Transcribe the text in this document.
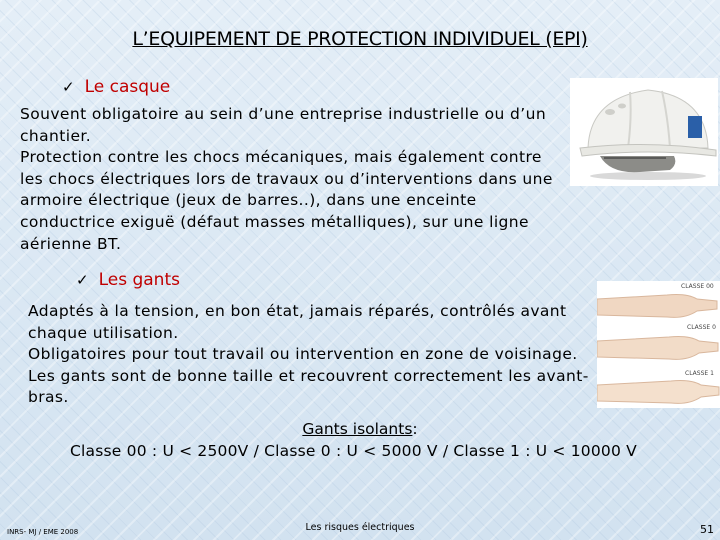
L’EQUIPEMENT DE PROTECTION INDIVIDUEL (EPI)
✓ Le casque
Souvent obligatoire au sein d’une entreprise industrielle ou d’un
chantier.
Protection contre les chocs mécaniques, mais également contre
les chocs électriques lors de travaux ou d’interventions dans une
armoire électrique (jeux de barres..), dans une enceinte
conductrice exiguë (défaut masses métalliques), sur une ligne
aérienne BT.
✓ Les gants
Adaptés à la tension, en bon état, jamais réparés, contrôlés avant
chaque utilisation.
Obligatoires pour tout travail ou intervention en zone de voisinage.
Les gants sont de bonne taille et recouvrent correctement les avant-
bras.
CLASSE 00
CLASSE 0
CLASSE 1
Gants isolants:
Classe 00 : U < 2500V / Classe 0 : U < 5000 V / Classe 1 : U < 10000 V
INRS- MJ / EME 2008	Les risques électriques	51
